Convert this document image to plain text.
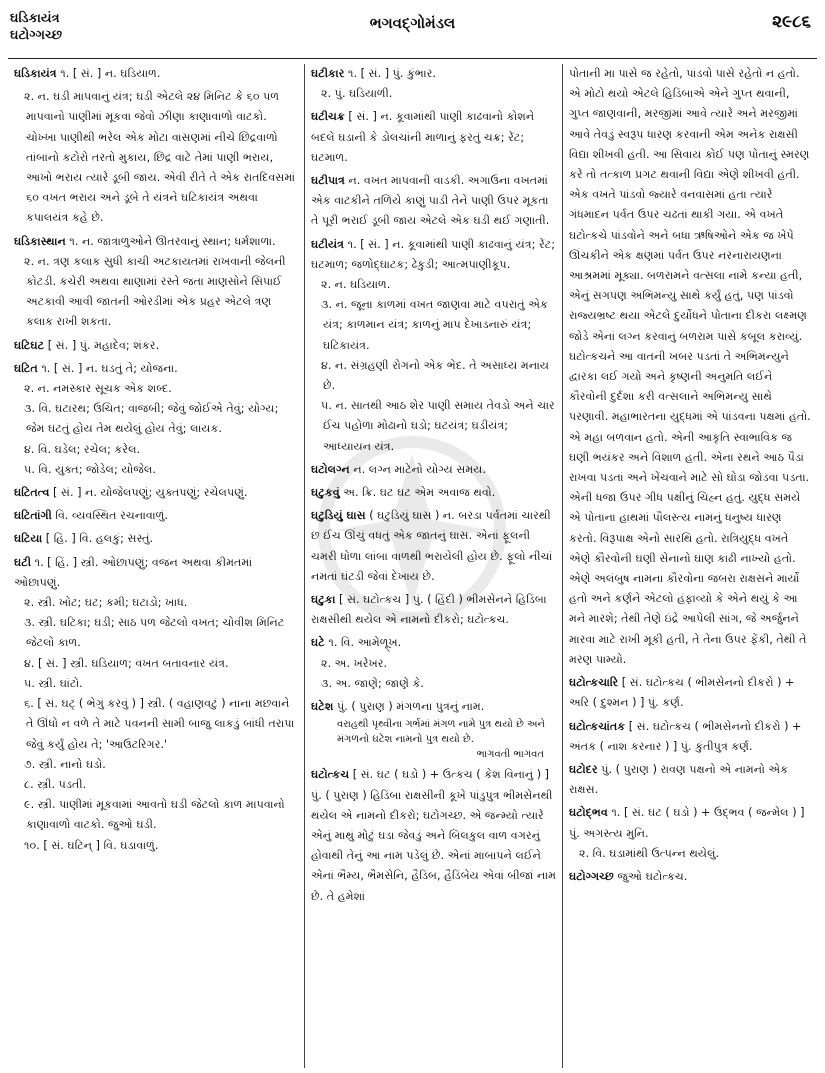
ઘડિકાયંત્ર
ઘટોગ્ગચ્છ
ભગવદ્ગોમંડલ	૨૯૮૬
ઘડિકાયંત્ર ૧. [ સં. ] ન. ઘડિયાળ.
૨. ન. ઘડી માપવાનું યંત્ર; ઘડી એટલે ૨૪ મિનિટ કે ૬૦ પળ માપવાનો પાણીમાં મૂકવા જેવો ઝીણા કાણાવાળો વાટકો. ચોખ્ખા પાણીથી ભરેલ એક મોટા વાસણમાં નીચે છિદ્રવાળો તાંબાનો કટોરો તરતો મુકાય, છિદ્ર વાટે તેમાં પાણી ભરાય, આખો ભરાય ત્યારે ડૂબી જાય. એવી રીતે તે એક રાતદિવસમાં ૬૦ વખત ભરાય અને ડૂબે તે યંત્રને ઘટિકાયંત્ર અથવા કપાલયંત્ર કહે છે.
ઘડિકાસ્થાન ૧. ન. જાત્રાળુઓને ઊતરવાનું સ્થાન; ધર્મશાળા.
૨. ન. ત્રણ કલાક સુધી કાચી અટકાયતમાં રાખવાની જેલની કોટડી. કચેરી અથવા થાણામાં રસ્તે જતા માણસોને સિપાઈ અટકાવી આવી જાતની ઓરડીમાં એક પ્રહર એટલે ત્રણ કલાક રાખી શકતા.
ઘટિઘટ [ સં. ] પું. મહાદેવ; શંકર.
ઘટિત ૧. [ સં. ] ન. ઘડતું તે; યોજના.
૨. ન. નમસ્કાર સૂચક એક શબ્દ.
૩. વિ. ઘટારથ; ઉચિત; વાજબી; જેવું જોઈએ તેવું; યોગ્ય; જેમ ઘટતું હોય તેમ થયેલું હોય તેવું; લાયક.
૪. વિ. ઘડેલ; રચેલ; કરેલ.
૫. વિ. યુક્ત; જોડેલ; યોજેલ.
ઘટિતત્વ [ સં. ] ન. યોજેલપણું; યુક્તપણું; રચેલપણું.
ઘટિતાંગી વિ. વ્યવસ્થિત રચનાવાળું.
ઘટિયા [ હિં. ] વિ. હલકું; સસ્તું.
ઘટી ૧. [ હિં. ] સ્ત્રી. ઓછાપણું; વજન અથવા કીમતમાં ઓછાપણું.
૨. સ્ત્રી. ખોટ; ઘટ; કમી; ઘટાડો; ખાધ.
૩. સ્ત્રી. ઘટિકા; ઘડી; સાઠ પળ જેટલો વખત; ચોવીશ મિનિટ જેટલો કાળ.
૪. [ સં. ] સ્ત્રી. ઘડિયાળ; વખત બતાવનાર યંત્ર.
૫. સ્ત્રી. ઘાંટો.
૬. [ સં. ઘટ્ ( ભેગું કરવું ) ] સ્ત્રી. ( વહાણવટું ) નાના મછવાને તે ઊંધો ન વળે તે માટે પવનની સામી બાજુ લાકડું બાંધી તરાપા જેવું કર્યું હોય તે; 'આઉટરિગર.'
૭. સ્ત્રી. નાનો ઘડો.
૮. સ્ત્રી. પડતી.
૯. સ્ત્રી. પાણીમાં મૂકવામાં આવતો ઘડી જેટલો કાળ માપવાનો કાણાવાળો વાટકો. જુઓ ઘડી.
૧૦. [ સં. ઘટિન્ ] વિ. ઘડાવાળું.
ઘટીકાર ૧. [ સં. ] પું. કુંભાર.
૨. પું. ઘડિયાળી.
ઘટીચક્ર [ સં. ] ન. કૂવામાંથી પાણી કાઢવાનો કોશને બદલે ઘડાની કે ડોલચાંની માળાનું ફરતું ચક્ર; રેંટ; ઘટમાળ.
ઘટીપાત્ર ન. વખત માપવાની વાડકી. અગાઉના વખતમાં એક વાટકીને તળિયે કાણું પાડી તેને પાણી ઉપર મૂકતા તે પૂરી ભરાઈ ડૂબી જાય એટલે એક ઘડી થઈ ગણાતી.
ઘટીયંત્ર ૧. [ સં. ] ન. કૂવામાંથી પાણી કાઢવાનું યંત્ર; રેંટ; ઘટમાળ; જળોદ્ઘાટક; ઢેકુડી; આત્મપાણીકૂપ.
૨. ન. ઘડિયાળ.
૩. ન. જૂના કાળમાં વખત જાણવા માટે વપરાતું એક યંત્ર; કાળમાન યંત્ર; કાળનું માપ દેખાડનારું યંત્ર; ઘટિકાયંત્ર.
૪. ન. સંગ્રહણી રોગનો એક ભેદ. તે અસાધ્ય મનાય છે.
૫. ન. સાતથી આઠ શેર પાણી સમાય તેવડો અને ચાર ઈંચ પહોળા મોઢાનો ઘડો; ઘટયંત્ર; ઘડીયંત્ર; આધ્યાયન યંત્ર.
ઘટોલગ્ન ન. લગ્ન માટેનો યોગ્ય સમય.
ઘટુકવું અ. ક્રિ. ઘટ ઘટ એમ અવાજ થવો.
ઘટુડિયું ઘાસ ( ઘટુડિયું ઘાસ ) ન. બરડા પર્વતમાં ચારથી છ ઈંચ ઊંચું વધતું એક જાતનું ઘાસ. એનાં ફૂલની ચમરી ધોળા લાંબા વાળથી ભરાયેલી હોય છે. ફૂલો નીચાં નમતાં ઘંટડી જેવાં દેખાય છે.
ઘટુકા [ સં. ઘટોત્કચ ] પું. ( હિંદી ) ભીમસેનને હિડિંબા રાક્ષસીથી થયેલ એ નામનો દીકરો; ઘટોત્કચ.
ઘટે ૧. વિ. આમેળૂ્ખ.
૨. અ. ખરેખર.
૩. અ. જાણે; જાણે કે.
ઘટેશ પું. ( પુરાણ ) મંગળના પુત્રનું નામ.
વરાહથી પૃથ્વીના ગર્ભમાં મંગળ નામે પુત્ર થયો છે અને મંગળનો ઘટેશ નામનો પુત્ર થયો છે.
ભાગવતી ભાગવત
ઘટોત્કચ [ સં. ઘટ ( ઘડો ) + ઉત્કચ ( કેશ વિનાનું ) ] પું. ( પુરાણ ) હિડિંબા રાક્ષસીની કૂખે પાંડુપુત્ર ભીમસેનથી થયેલ એ નામનો દીકરો; ઘટોગચ્છ. એ જન્મ્યો ત્યારે એનું માથું મોટું ઘડા જેવડું અને બિલકુલ વાળ વગરનું હોવાથી તેનું આ નામ પડેલું છે. એનાં માબાપને લઈને એનાં ભૈમ્ય, ભૈમસેનિ, હૈડિંબ, હૈડિંબેય એવાં બીજાં નામ છે. તે હમેશાં
પોતાની મા પાસે જ રહેતો, પાંડવો પાસે રહેતો ન હતો. એ મોટો થયો એટલે હિડિંબાએ એને ગુપ્ત થવાની, ગુપ્ત જાણવાની, મરજીમાં આવે ત્યારે અને મરજીમાં આવે તેવડું સ્વરૂપ ધારણ કરવાની એમ અનેક રાક્ષસી વિદ્યા શીખવી હતી. આ સિવાય કોઈ પણ પોતાનું સ્મરણ કરે તો તત્કાળ પ્રગટ થવાની વિદ્યા એણે શીખવી હતી. એક વખતે પાંડવો જ્યારે વનવાસમાં હતા ત્યારે ગંધમાદન પર્વત ઉપર ચઢતાં થાકી ગયા. એ વખતે ઘટોત્કચે પાંડવોને અને બધા ઋષિઓને એક જ ખેપે ઊંચકીને એક ક્ષણમાં પર્વત ઉપર નરનારાયણના આશ્રમમાં મૂક્યા. બળરામને વત્સલા નામે કન્યા હતી, એનું સગપણ અભિમન્યુ સાથે કર્યું હતું, પણ પાંડવો રાજ્યભ્રષ્ટ થયા એટલે દુર્યોધને પોતાના દીકરા લક્ષ્મણ જોડે એનાં લગ્ન કરવાનું બળરામ પાસે કબૂલ કરાવ્યું. ઘટોત્કચને આ વાતની ખબર પડતાં તે અભિમન્યુને દ્વારકા લઈ ગયો અને કૃષ્ણની અનુમતિ લઈને કૌરવોની દુર્દશા કરી વત્સલાને અભિમન્યુ સાથે પરણાવી. મહાભારતના યુદ્ધમાં એ પાંડવના પક્ષમાં હતો. એ મહા બળવાન હતો. એની આકૃતિ સ્વાભાવિક જ ઘણી ભયંકર અને વિશાળ હતી. એના રથને આઠ પૈડાં રાખવા પડતાં અને ખેંચવાને માટે સો ઘોડા જોડવા પડતા. એની ધજા ઉપર ગીધ પક્ષીનું ચિહ્ન હતું. યુદ્ધ સમયે એ પોતાના હાથમાં પૌલસ્ત્ય નામનું ધનુષ્ય ધારણ કરતો. વિરૂપાક્ષ એનો સારથિ હતો. રાત્રિયુદ્ધ વખતે એણે કૌરવોની ઘણી સેનાનો ઘાણ કાઢી નાખ્યો હતો. એણે અલંબુષ નામના કૌરવોના જબરા રાક્ષસને માર્યો હતો અને કર્ણને એટલો હંફાવ્યો કે એને થયું કે આ મને મારશે; તેથી તેણે ઇંદ્રે આપેલી સાંગ, જે અર્જુનને મારવા માટે રાખી મૂકી હતી, તે તેના ઉપર ફેંકી, તેથી તે મરણ પામ્યો.
ઘટોત્કચારિ [ સં. ઘટોત્કચ ( ભીમસેનનો દીકરો ) + અરિ ( દુશ્મન ) ] પું. કર્ણ.
ઘટોત્કચાંતક [ સં. ઘટોત્કચ ( ભીમસેનનો દીકરો ) + અંતક ( નાશ કરનાર ) ] પું. કુંતીપુત્ર કર્ણ.
ઘટોદર પું. ( પુરાણ ) રાવણ પક્ષનો એ નામનો એક રાક્ષસ.
ઘટોદ્ભવ ૧. [ સં. ઘટ ( ઘડો ) + ઉદ્ભવ ( જન્મેલ ) ] પું. અગસ્ત્ય મુનિ.
૨. વિ. ઘડામાંથી ઉત્પન્ન થયેલું.
ઘટોગ્ગચ્છ જુઓ ઘટોત્કચ.
